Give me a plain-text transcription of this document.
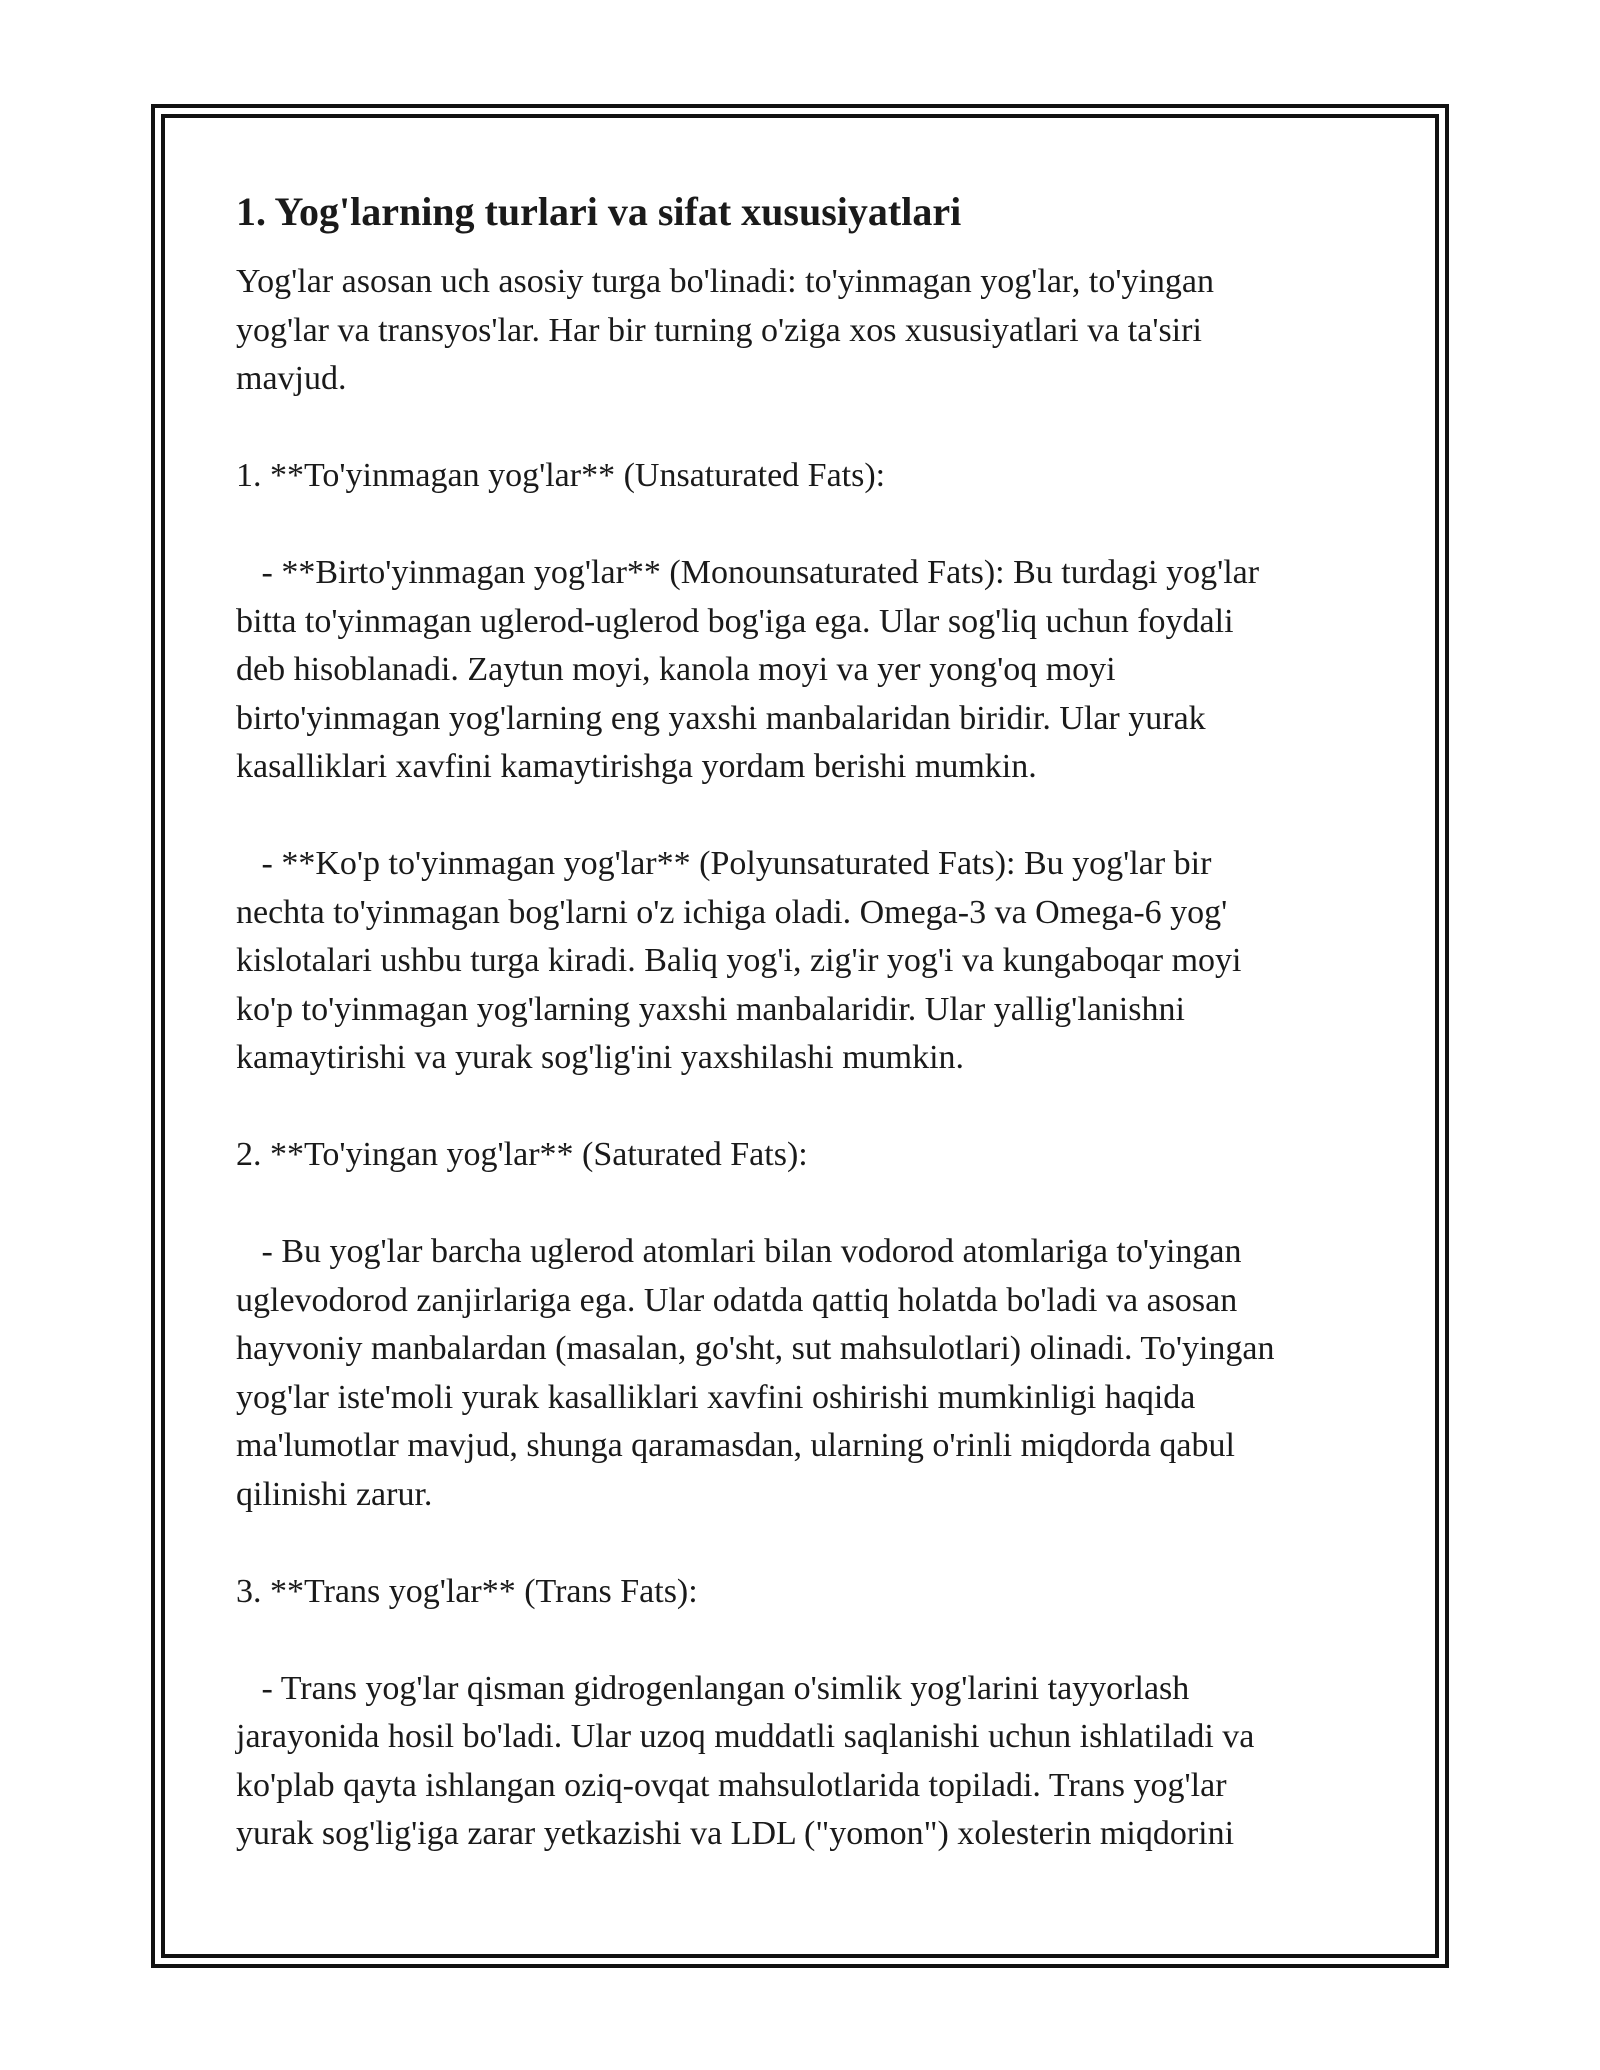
1. Yog'larning turlari va sifat xususiyatlari

Yog'lar asosan uch asosiy turga bo'linadi: to'yinmagan yog'lar, to'yingan
yog'lar va transyos'lar. Har bir turning o'ziga xos xususiyatlari va ta'siri
mavjud.

1. **To'yinmagan yog'lar** (Unsaturated Fats):

- **Birto'yinmagan yog'lar** (Monounsaturated Fats): Bu turdagi yog'lar
bitta to'yinmagan uglerod-uglerod bog'iga ega. Ular sog'liq uchun foydali
deb hisoblanadi. Zaytun moyi, kanola moyi va yer yong'oq moyi
birto'yinmagan yog'larning eng yaxshi manbalaridan biridir. Ular yurak
kasalliklari xavfini kamaytirishga yordam berishi mumkin.

- **Ko'p to'yinmagan yog'lar** (Polyunsaturated Fats): Bu yog'lar bir
nechta to'yinmagan bog'larni o'z ichiga oladi. Omega-3 va Omega-6 yog'
kislotalari ushbu turga kiradi. Baliq yog'i, zig'ir yog'i va kungaboqar moyi
ko'p to'yinmagan yog'larning yaxshi manbalaridir. Ular yallig'lanishni
kamaytirishi va yurak sog'lig'ini yaxshilashi mumkin.

2. **To'yingan yog'lar** (Saturated Fats):

- Bu yog'lar barcha uglerod atomlari bilan vodorod atomlariga to'yingan
uglevodorod zanjirlariga ega. Ular odatda qattiq holatda bo'ladi va asosan
hayvoniy manbalardan (masalan, go'sht, sut mahsulotlari) olinadi. To'yingan
yog'lar iste'moli yurak kasalliklari xavfini oshirishi mumkinligi haqida
ma'lumotlar mavjud, shunga qaramasdan, ularning o'rinli miqdorda qabul
qilinishi zarur.

3. **Trans yog'lar** (Trans Fats):

- Trans yog'lar qisman gidrogenlangan o'simlik yog'larini tayyorlash
jarayonida hosil bo'ladi. Ular uzoq muddatli saqlanishi uchun ishlatiladi va
ko'plab qayta ishlangan oziq-ovqat mahsulotlarida topiladi. Trans yog'lar
yurak sog'lig'iga zarar yetkazishi va LDL ("yomon") xolesterin miqdorini
